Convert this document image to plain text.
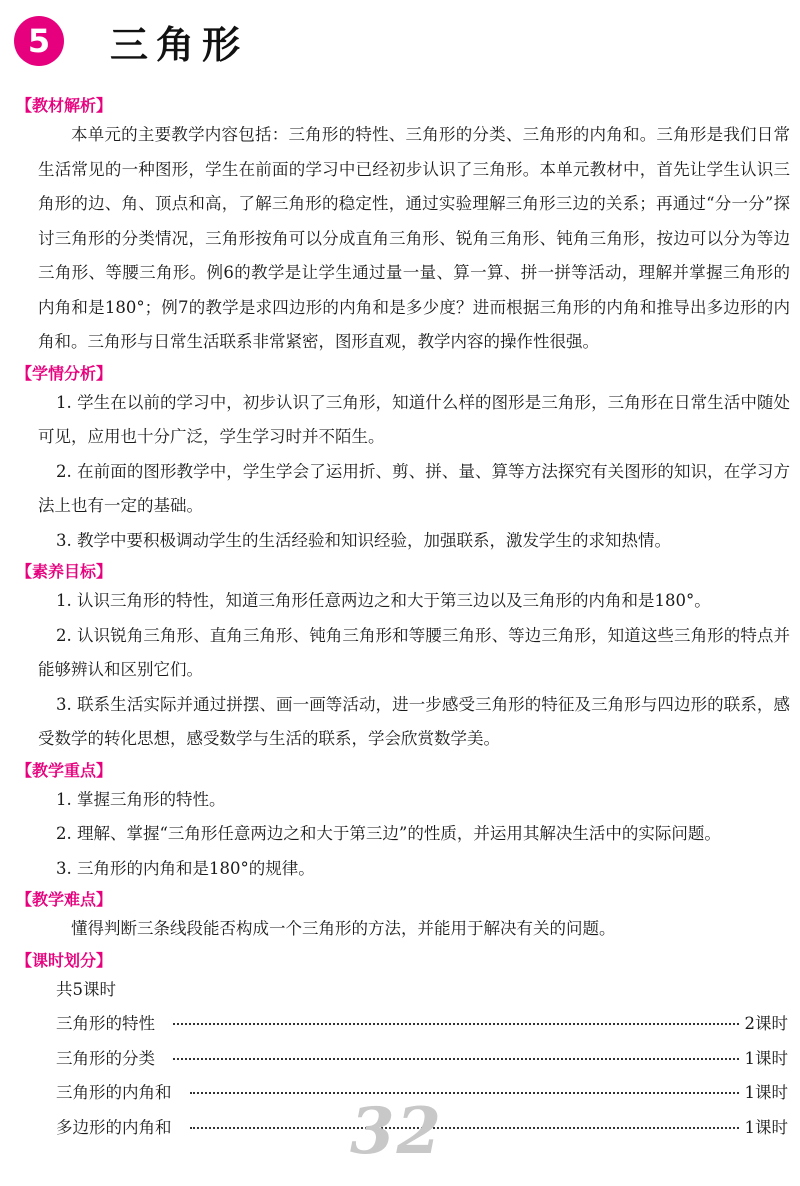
5	三角形
【教材解析】

本单元的主要教学内容包括：三角形的特性、三角形的分类、三角形的内角和。三角形是我们日常生活常见的一种图形，学生在前面的学习中已经初步认识了三角形。本单元教材中，首先让学生认识三角形的边、角、顶点和高，了解三角形的稳定性，通过实验理解三角形三边的关系；再通过“分一分”探讨三角形的分类情况，三角形按角可以分成直角三角形、锐角三角形、钝角三角形，按边可以分为等边三角形、等腰三角形。例6的教学是让学生通过量一量、算一算、拼一拼等活动，理解并掌握三角形的内角和是180°；例7的教学是求四边形的内角和是多少度？进而根据三角形的内角和推导出多边形的内角和。三角形与日常生活联系非常紧密，图形直观，教学内容的操作性很强。

【学情分析】

1. 学生在以前的学习中，初步认识了三角形，知道什么样的图形是三角形，三角形在日常生活中随处可见，应用也十分广泛，学生学习时并不陌生。

2. 在前面的图形教学中，学生学会了运用折、剪、拼、量、算等方法探究有关图形的知识，在学习方法上也有一定的基础。

3. 教学中要积极调动学生的生活经验和知识经验，加强联系，激发学生的求知热情。

【素养目标】

1. 认识三角形的特性，知道三角形任意两边之和大于第三边以及三角形的内角和是180°。

2. 认识锐角三角形、直角三角形、钝角三角形和等腰三角形、等边三角形，知道这些三角形的特点并能够辨认和区别它们。

3. 联系生活实际并通过拼摆、画一画等活动，进一步感受三角形的特征及三角形与四边形的联系，感受数学的转化思想，感受数学与生活的联系，学会欣赏数学美。

【教学重点】

1. 掌握三角形的特性。

2. 理解、掌握“三角形任意两边之和大于第三边”的性质，并运用其解决生活中的实际问题。

3. 三角形的内角和是180°的规律。

【教学难点】

懂得判断三条线段能否构成一个三角形的方法，并能用于解决有关的问题。

【课时划分】
共5课时
三角形的特性	2课时
三角形的分类	1课时
三角形的内角和	1课时
多边形的内角和	1课时
32
